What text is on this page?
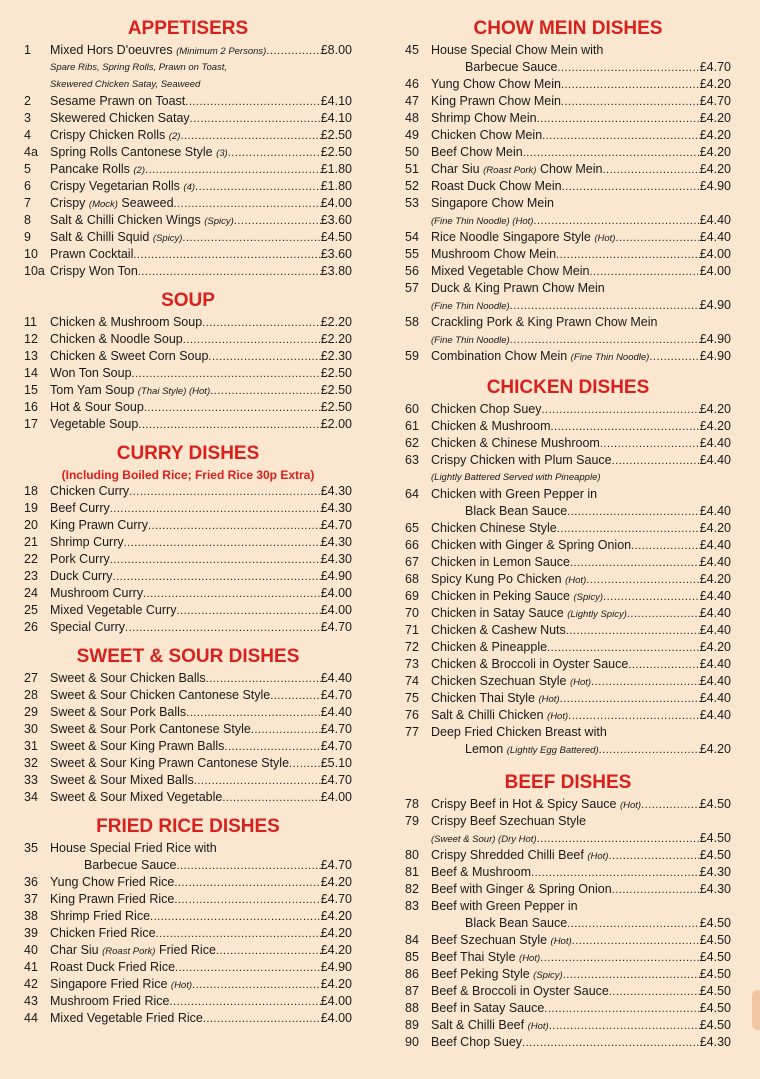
APPETISERS
1	Mixed Hors D'oeuvres (Minimum 2 Persons) .....	£8.00
Spare Ribs, Spring Rolls, Prawn on Toast,
Skewered Chicken Satay, Seaweed
2	Sesame Prawn on Toast .....	£4.10
3	Skewered Chicken Satay .....	£4.10
4	Crispy Chicken Rolls (2) .....	£2.50
4a Spring Rolls Cantonese Style (3) .....	£2.50
5	Pancake Rolls (2) .....	£1.80
6	Crispy Vegetarian Rolls (4) .....	£1.80
7	Crispy (Mock) Seaweed .....	£4.00
8	Salt & Chilli Chicken Wings (Spicy) .....	£3.60
9	Salt & Chilli Squid (Spicy) .....	£4.50
10 Prawn Cocktail .....	£3.60
10a Crispy Won Ton .....	£3.80
SOUP
11	Chicken & Mushroom Soup .....	£2.20
12 Chicken & Noodle Soup .....	£2.20
13 Chicken & Sweet Corn Soup .....	£2.30
14 Won Ton Soup .....	£2.50
15 Tom Yam Soup (Thai Style) (Hot) .....	£2.50
16 Hot & Sour Soup .....	£2.50
17 Vegetable Soup .....	£2.00
CURRY DISHES
(Including Boiled Rice; Fried Rice 30p Extra)
18 Chicken Curry .....	£4.30
19 Beef Curry .....	£4.30
20 King Prawn Curry .....	£4.70
21 Shrimp Curry .....	£4.30
22 Pork Curry .....	£4.30
23 Duck Curry .....	£4.90
24 Mushroom Curry .....	£4.00
25 Mixed Vegetable Curry .....	£4.00
26 Special Curry .....	£4.70
SWEET & SOUR DISHES
27 Sweet & Sour Chicken Balls .....	£4.40
28 Sweet & Sour Chicken Cantonese Style .....	£4.70
29 Sweet & Sour Pork Balls .....	£4.40
30 Sweet & Sour Pork Cantonese Style .....	£4.70
31 Sweet & Sour King Prawn Balls .....	£4.70
32 Sweet & Sour King Prawn Cantonese Style .....	£5.10
33 Sweet & Sour Mixed Balls .....	£4.70
34 Sweet & Sour Mixed Vegetable .....	£4.00
FRIED RICE DISHES
35 House Special Fried Rice with
Barbecue Sauce .....	£4.70
36 Yung Chow Fried Rice .....	£4.20
37 King Prawn Fried Rice .....	£4.70
38 Shrimp Fried Rice .....	£4.20
39 Chicken Fried Rice .....	£4.20
40 Char Siu (Roast Pork) Fried Rice .....	£4.20
41 Roast Duck Fried Rice .....	£4.90
42 Singapore Fried Rice (Hot) .....	£4.20
43 Mushroom Fried Rice .....	£4.00
44 Mixed Vegetable Fried Rice .....	£4.00
CHOW MEIN DISHES
45 House Special Chow Mein with
Barbecue Sauce .....	£4.70
46 Yung Chow Chow Mein .....	£4.20
47 King Prawn Chow Mein .....	£4.70
48 Shrimp Chow Mein .....	£4.20
49 Chicken Chow Mein .....	£4.20
50 Beef Chow Mein .....	£4.20
51 Char Siu (Roast Pork) Chow Mein .....	£4.20
52 Roast Duck Chow Mein .....	£4.90
53 Singapore Chow Mein
(Fine Thin Noodle) (Hot) .....	£4.40
54 Rice Noodle Singapore Style (Hot) .....	£4.40
55 Mushroom Chow Mein .....	£4.00
56 Mixed Vegetable Chow Mein .....	£4.00
57 Duck & King Prawn Chow Mein
(Fine Thin Noodle) .....	£4.90
58 Crackling Pork & King Prawn Chow Mein
(Fine Thin Noodle) .....	£4.90
59 Combination Chow Mein (Fine Thin Noodle) .....	£4.90
CHICKEN DISHES
60 Chicken Chop Suey .....	£4.20
61 Chicken & Mushroom .....	£4.20
62 Chicken & Chinese Mushroom .....	£4.40
63 Crispy Chicken with Plum Sauce .....	£4.40
(Lightly Battered Served with Pineapple)
64 Chicken with Green Pepper in
Black Bean Sauce .....	£4.40
65 Chicken Chinese Style .....	£4.20
66 Chicken with Ginger & Spring Onion .....	£4.40
67 Chicken in Lemon Sauce .....	£4.40
68 Spicy Kung Po Chicken (Hot) .....	£4.20
69 Chicken in Peking Sauce (Spicy) .....	£4.40
70 Chicken in Satay Sauce (Lightly Spicy) .....	£4.40
71 Chicken & Cashew Nuts .....	£4.40
72 Chicken & Pineapple .....	£4.20
73 Chicken & Broccoli in Oyster Sauce .....	£4.40
74 Chicken Szechuan Style (Hot) .....	£4.40
75 Chicken Thai Style (Hot) .....	£4.40
76 Salt & Chilli Chicken (Hot) .....	£4.40
77 Deep Fried Chicken Breast with
Lemon (Lightly Egg Battered) .....	£4.20
BEEF DISHES
78 Crispy Beef in Hot & Spicy Sauce (Hot) .....	£4.50
79 Crispy Beef Szechuan Style
(Sweet & Sour) (Dry Hot) .....	£4.50
80 Crispy Shredded Chilli Beef (Hot) .....	£4.50
81 Beef & Mushroom .....	£4.30
82 Beef with Ginger & Spring Onion .....	£4.30
83 Beef with Green Pepper in
Black Bean Sauce .....	£4.50
84 Beef Szechuan Style (Hot) .....	£4.50
85 Beef Thai Style (Hot) .....	£4.50
86 Beef Peking Style (Spicy) .....	£4.50
87 Beef & Broccoli in Oyster Sauce .....	£4.50
88 Beef in Satay Sauce .....	£4.50
89 Salt & Chilli Beef (Hot) .....	£4.50
90 Beef Chop Suey .....	£4.30
